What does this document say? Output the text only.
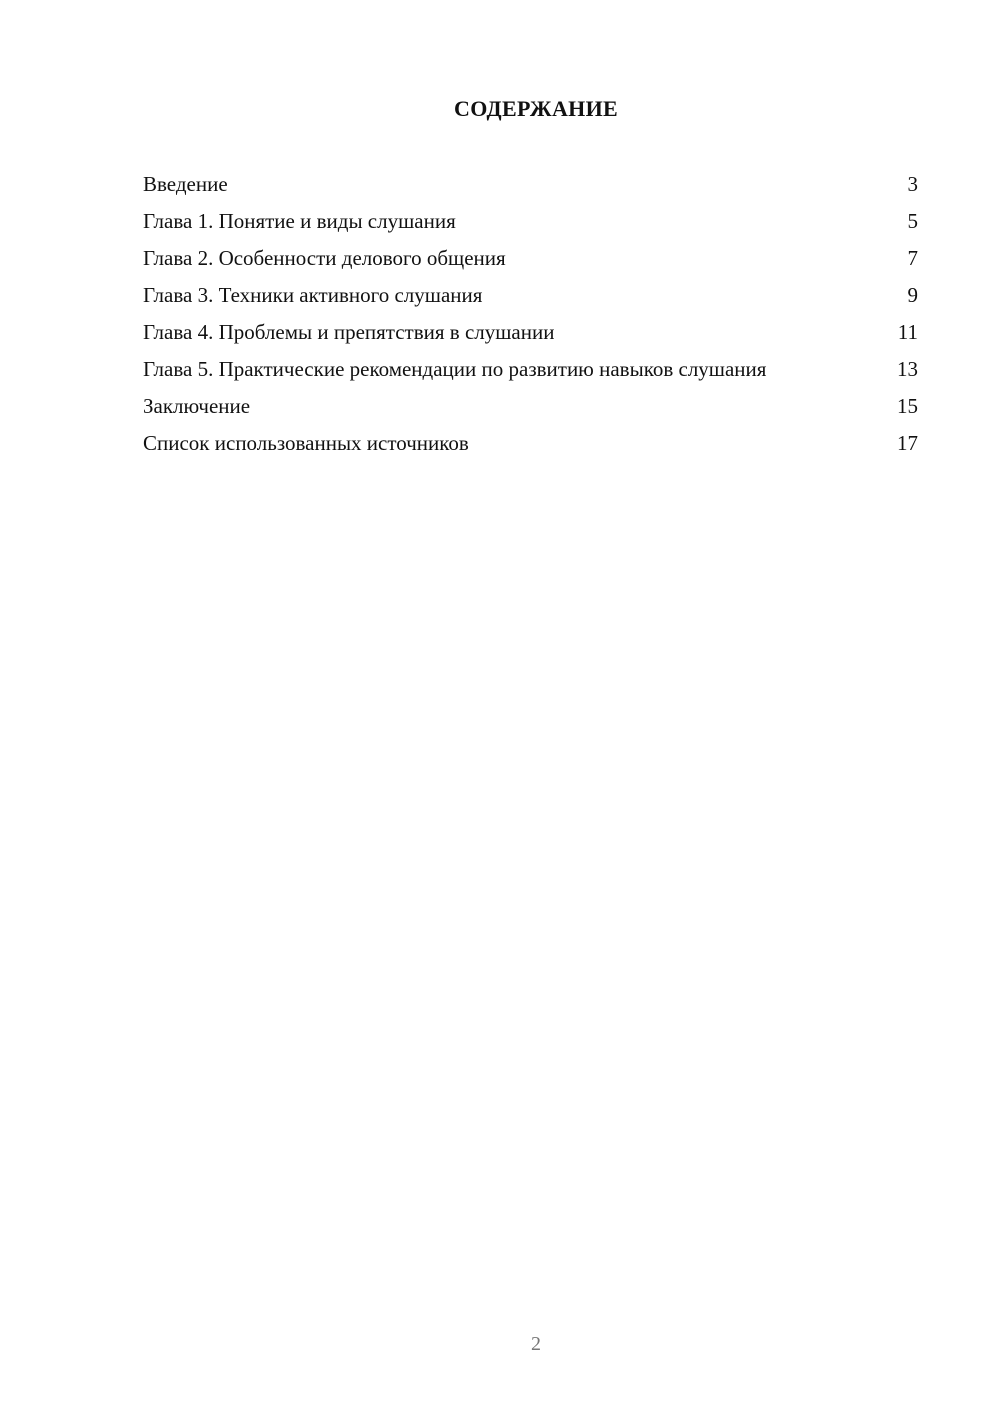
СОДЕРЖАНИЕ
Введение	3
Глава 1. Понятие и виды слушания	5
Глава 2. Особенности делового общения	7
Глава 3. Техники активного слушания	9
Глава 4. Проблемы и препятствия в слушании	11
Глава 5. Практические рекомендации по развитию навыков слушания	13
Заключение	15
Список использованных источников	17
2
